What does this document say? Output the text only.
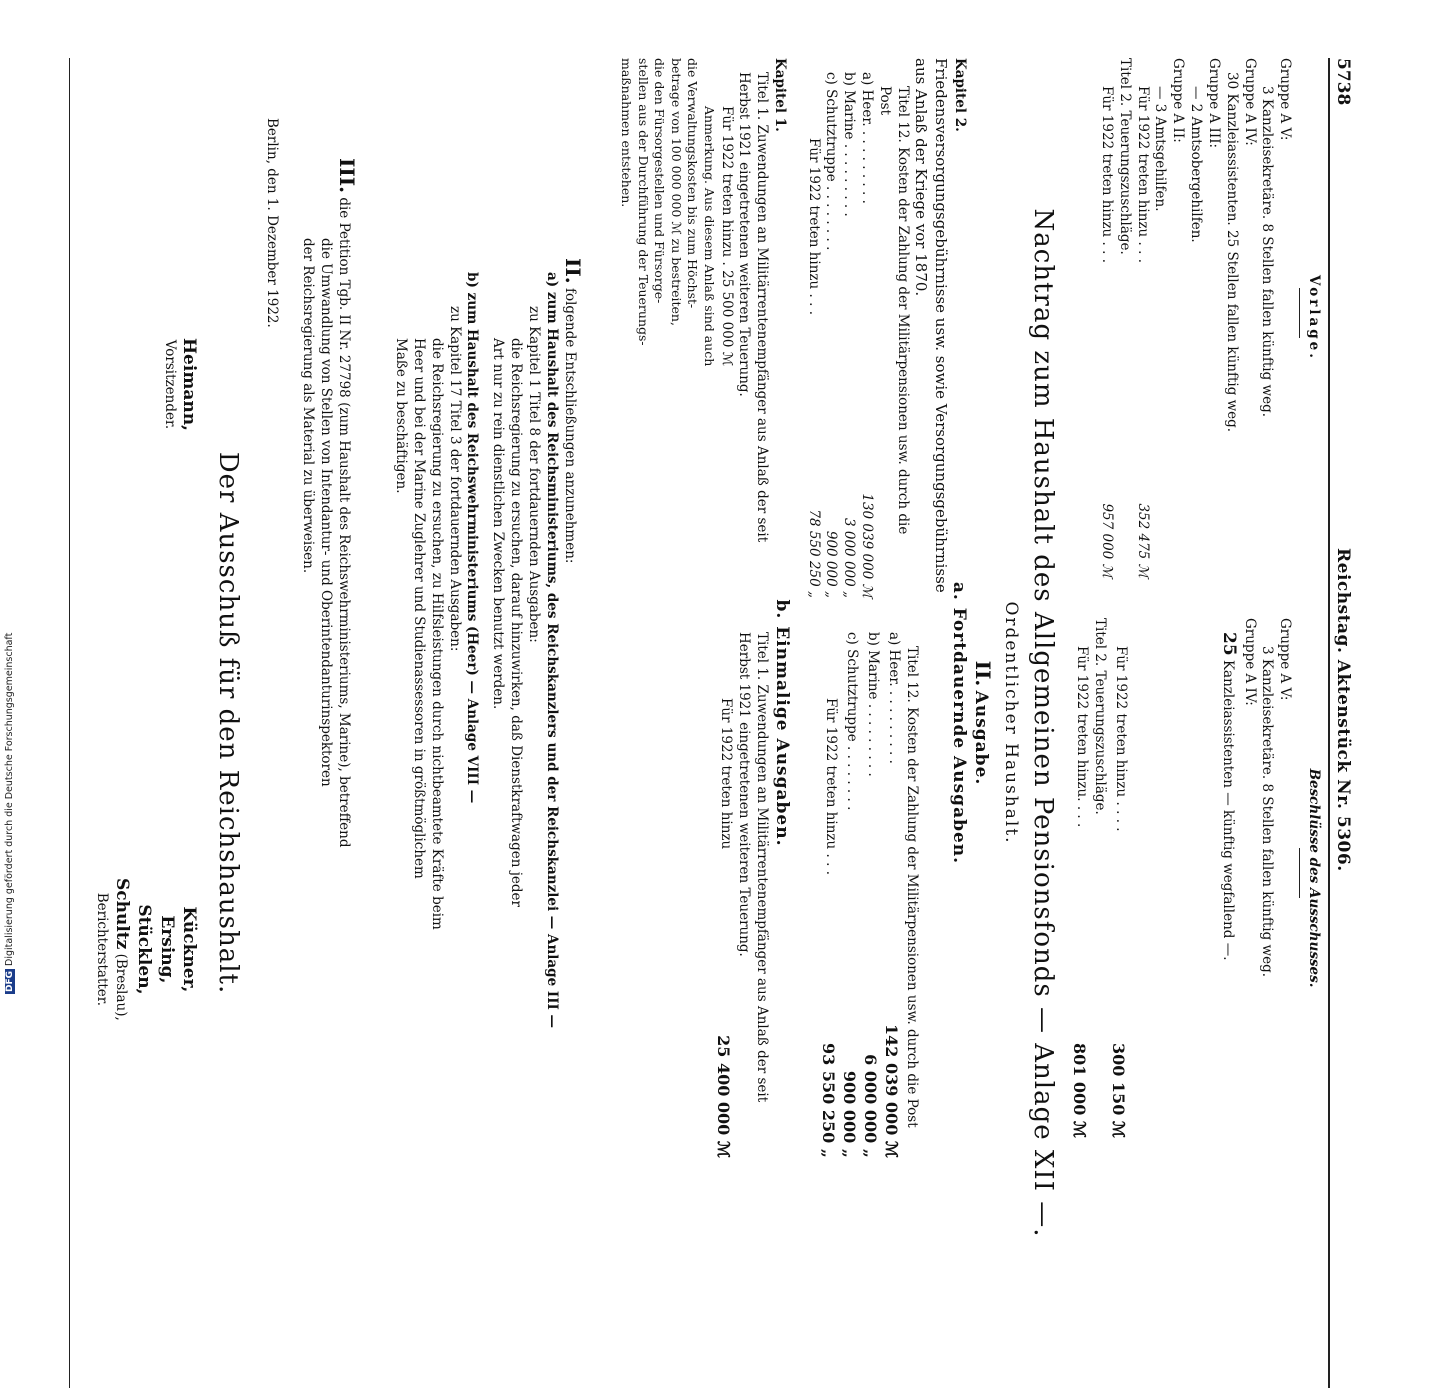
5738
Reichstag. Aktenstück Nr. 5306.
Vorlage.
Gruppe A V:
3 Kanzleisekretäre. 8 Stellen fallen künftig weg.
Gruppe A IV:
30 Kanzleiassistenten. 25 Stellen fallen künftig weg.
Gruppe A III:
— 2 Amtsobergehilfen.
Gruppe A II:
— 3 Amtsgehilfen.
Für 1922 treten hinzu . . .
352 475 ℳ
Titel 2. Teuerungszuschläge.
Für 1922 treten hinzu . . .
957 000 ℳ
Beschlüsse des Ausschusses.
Gruppe A V:
3 Kanzleisekretäre. 8 Stellen fallen künftig weg.
Gruppe A IV:
25 Kanzleiassistenten — künftig wegfallend —.
Für 1922 treten hinzu . . . .
300 150 ℳ
Titel 2. Teuerungszuschläge.
Für 1922 treten hinzu. . . .
801 000 ℳ
Nachtrag zum Haushalt des Allgemeinen Pensionsfonds — Anlage XII —.
Ordentlicher Haushalt.
II. Ausgabe.
a. Fortdauernde Ausgaben.
Kapitel 2.
Friedensversorgungsgebührnisse usw. sowie Versorgungsgebührnisse aus Anlaß der Kriege vor 1870.
Titel 12. Kosten der Zahlung der Militärpensionen usw. durch die Post
a) Heer. . . . . . . . . .
130 039 000 ℳ
b) Marine . . . . . . . . .
3 000 000 „
c) Schutztruppe . . . . . . . .
900 000 „
Für 1922 treten hinzu . . .
78 550 250 „
Titel 12. Kosten der Zahlung der Militärpensionen usw. durch die Post
a) Heer. . . . . . . . . .
142 039 000 ℳ
b) Marine . . . . . . . . .
6 000 000 „
c) Schutztruppe . . . . . . . .
900 000 „
Für 1922 treten hinzu . . .
93 550 250 „
b. Einmalige Ausgaben.
Kapitel 1.
Titel 1. Zuwendungen an Militärrentenempfänger aus Anlaß der seit Herbst 1921 eingetretenen weiteren Teuerung.
Für 1922 treten hinzu . 25 500 000 ℳ
Anmerkung. Aus diesem Anlaß sind auch
die Verwaltungskosten bis zum Höchst-
betrage von 100 000 000 ℳ zu bestreiten,
die den Fürsorgestellen und Fürsorge-
stellen aus der Durchführung der Teuerungs-
maßnahmen entstehen.
Titel 1. Zuwendungen an Militärrentenempfänger aus Anlaß der seit Herbst 1921 eingetretenen weiteren Teuerung.
Für 1922 treten hinzu
25 400 000 ℳ
II. folgende Entschließungen anzunehmen:
a) zum Haushalt des Reichsministeriums, des Reichskanzlers und der Reichskanzlei — Anlage III —
zu Kapitel 1 Titel 8 der fortdauernden Ausgaben:
die Reichsregierung zu ersuchen, darauf hinzuwirken, daß Dienstkraftwagen jeder
Art nur zu rein dienstlichen Zwecken benutzt werden.
b) zum Haushalt des Reichswehrministeriums (Heer) — Anlage VIII —
zu Kapitel 17 Titel 3 der fortdauernden Ausgaben:
die Reichsregierung zu ersuchen, zu Hilfsleistungen durch nichtbeamtete Kräfte beim
Heer und bei der Marine Zuglehrer und Studienassessoren in größtmöglichem
Maße zu beschäftigen.
III. die Petition Tgb. II Nr. 27798 (zum Haushalt des Reichswehrministeriums, Marine), betreffend
die Umwandlung von Stellen von Intendantur- und Oberintendanturinspektoren
der Reichsregierung als Material zu überweisen.
Berlin, den 1. Dezember 1922.
Der Ausschuß für den Reichshaushalt.
Heimann,
Vorsitzender.
Kückner,
Ersing,
Stücklen,
Schultz (Breslau),
Berichterstatter.
DFGDigitalisierung gefördert durch die Deutsche Forschungsgemeinschaft
